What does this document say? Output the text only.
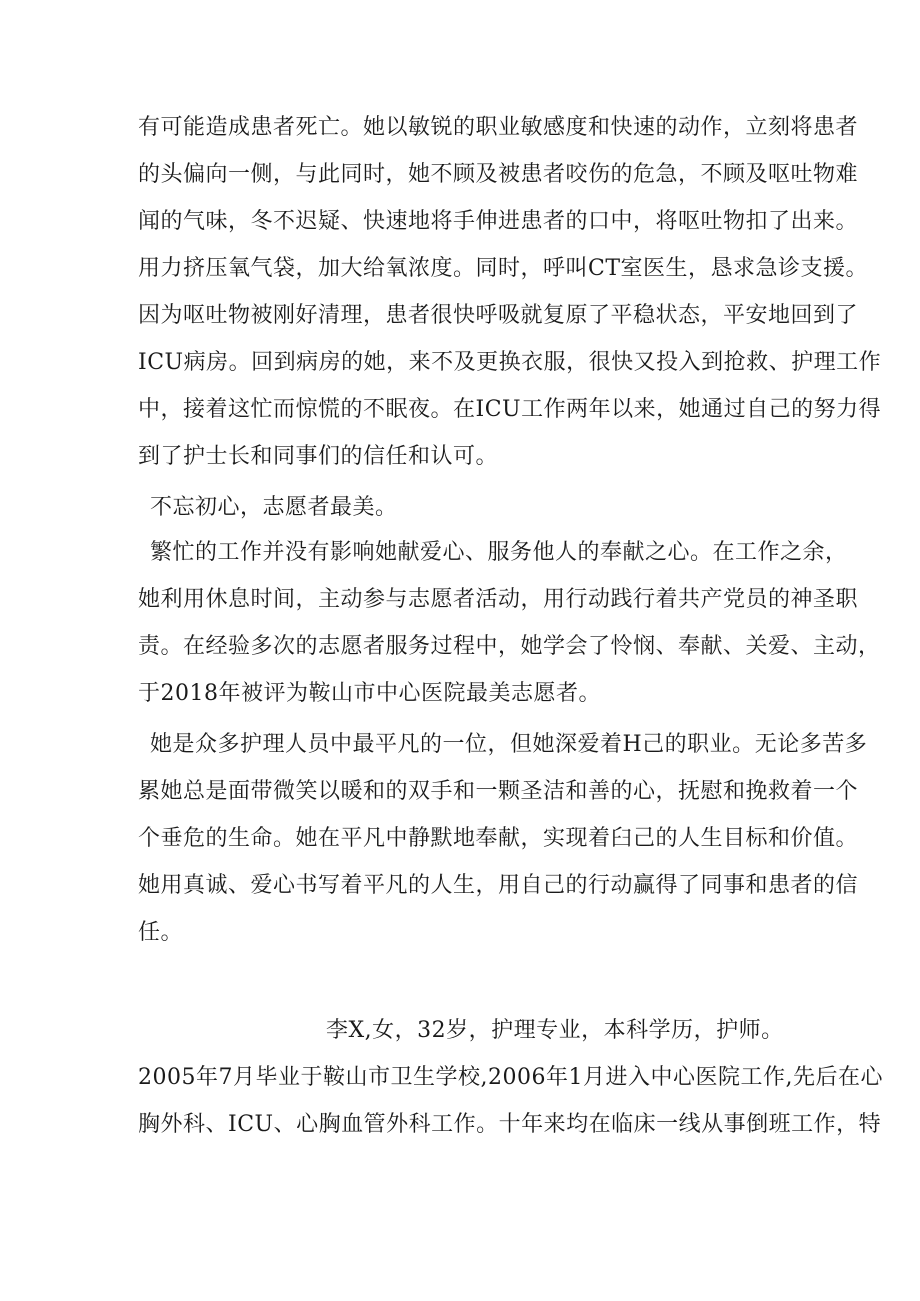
有可能造成患者死亡。她以敏锐的职业敏感度和快速的动作，立刻将患者
的头偏向一侧，与此同时，她不顾及被患者咬伤的危急，不顾及呕吐物难
闻的气味，冬不迟疑、快速地将手伸进患者的口中，将呕吐物扣了出来。
用力挤压氧气袋，加大给氧浓度。同时，呼叫CT室医生，恳求急诊支援。
因为呕吐物被刚好清理，患者很快呼吸就复原了平稳状态，平安地回到了
ICU病房。回到病房的她，来不及更换衣服，很快又投入到抢救、护理工作
中，接着这忙而惊慌的不眠夜。在ICU工作两年以来，她通过自己的努力得
到了护士长和同事们的信任和认可。
不忘初心，志愿者最美。
繁忙的工作并没有影响她献爱心、服务他人的奉献之心。在工作之余，
她利用休息时间，主动参与志愿者活动，用行动践行着共产党员的神圣职
责。在经验多次的志愿者服务过程中，她学会了怜悯、奉献、关爱、主动，
于2018年被评为鞍山市中心医院最美志愿者。
她是众多护理人员中最平凡的一位，但她深爱着H己的职业。无论多苦多
累她总是面带微笑以暖和的双手和一颗圣洁和善的心，抚慰和挽救着一个
个垂危的生命。她在平凡中静默地奉献，实现着臼己的人生目标和价值。
她用真诚、爱心书写着平凡的人生，用自己的行动赢得了同事和患者的信
任。
李X,女，32岁，护理专业，本科学历，护师。
2005年7月毕业于鞍山市卫生学校,2006年1月进入中心医院工作,先后在心
胸外科、ICU、心胸血管外科工作。十年来均在临床一线从事倒班工作，特
